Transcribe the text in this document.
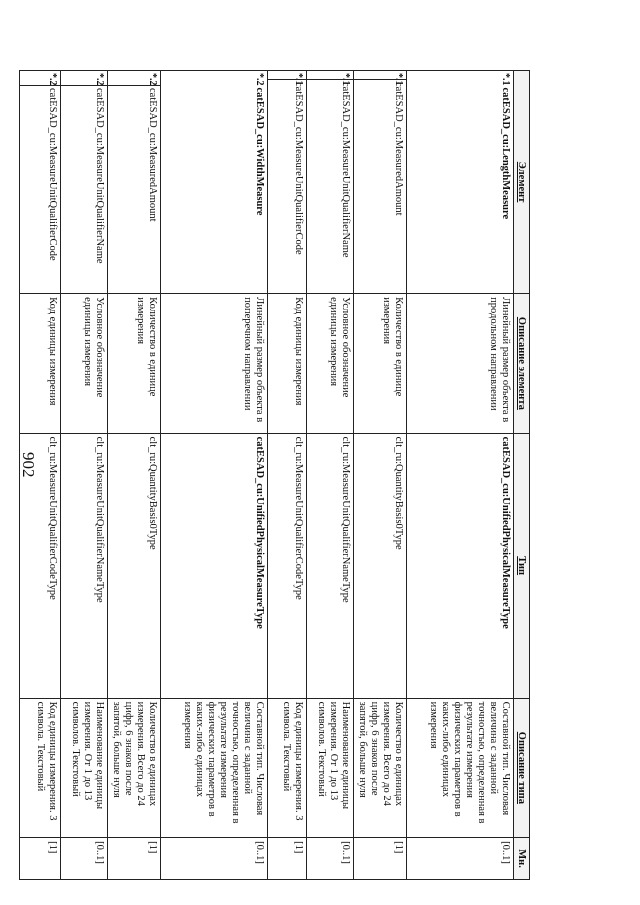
902
Элемент	Описание элемента	Тип	Описание типа	Мн.

*.1
catESAD_cu:LengthMeasure	Линейный размер объекта в продольном направлении	catESAD_cu:UnifiedPhysicalMeasureType	Составной тип. Числовая величина с заданной точностью, определенная в результате измерения физических параметров в каких-либо единицах измерения	[0..1]

*.1
catESAD_cu:MeasuredAmount	Количество в единице измерения	clt_ru:QuantityBasis0Type	Количество в единицах измерения. Всего до 24 цифр, 6 знаков после запятой, больше нуля	[1]

*.1
catESAD_cu:MeasureUnitQualifierName	Условное обозначение единицы измерения	clt_ru:MeasureUnitQualifierNameType	Наименование единицы измерения. От 1 до 13 символов. Текстовый	[0..1]

*.1
catESAD_cu:MeasureUnitQualifierCode	Код единицы измерения	clt_ru:MeasureUnitQualifierCodeType	Код единицы измерения. 3 символа. Текстовый	[1]

*.2
catESAD_cu:WidthMeasure	Линейный размер объекта в поперечном направлении	catESAD_cu:UnifiedPhysicalMeasureType	Составной тип. Числовая величина с заданной точностью, определенная в результате измерения физических параметров в каких-либо единицах измерения	[0..1]

*.2
catESAD_cu:MeasuredAmount	Количество в единице измерения	clt_ru:QuantityBasis0Type	Количество в единицах измерения. Всего до 24 цифр, 6 знаков после запятой, больше нуля	[1]

*.2
catESAD_cu:MeasureUnitQualifierName	Условное обозначение единицы измерения	clt_ru:MeasureUnitQualifierNameType	Наименование единицы измерения. От 1 до 13 символов. Текстовый	[0..1]

*.2
catESAD_cu:MeasureUnitQualifierCode	Код единицы измерения	clt_ru:MeasureUnitQualifierCodeType	Код единицы измерения. 3 символа. Текстовый	[1]
